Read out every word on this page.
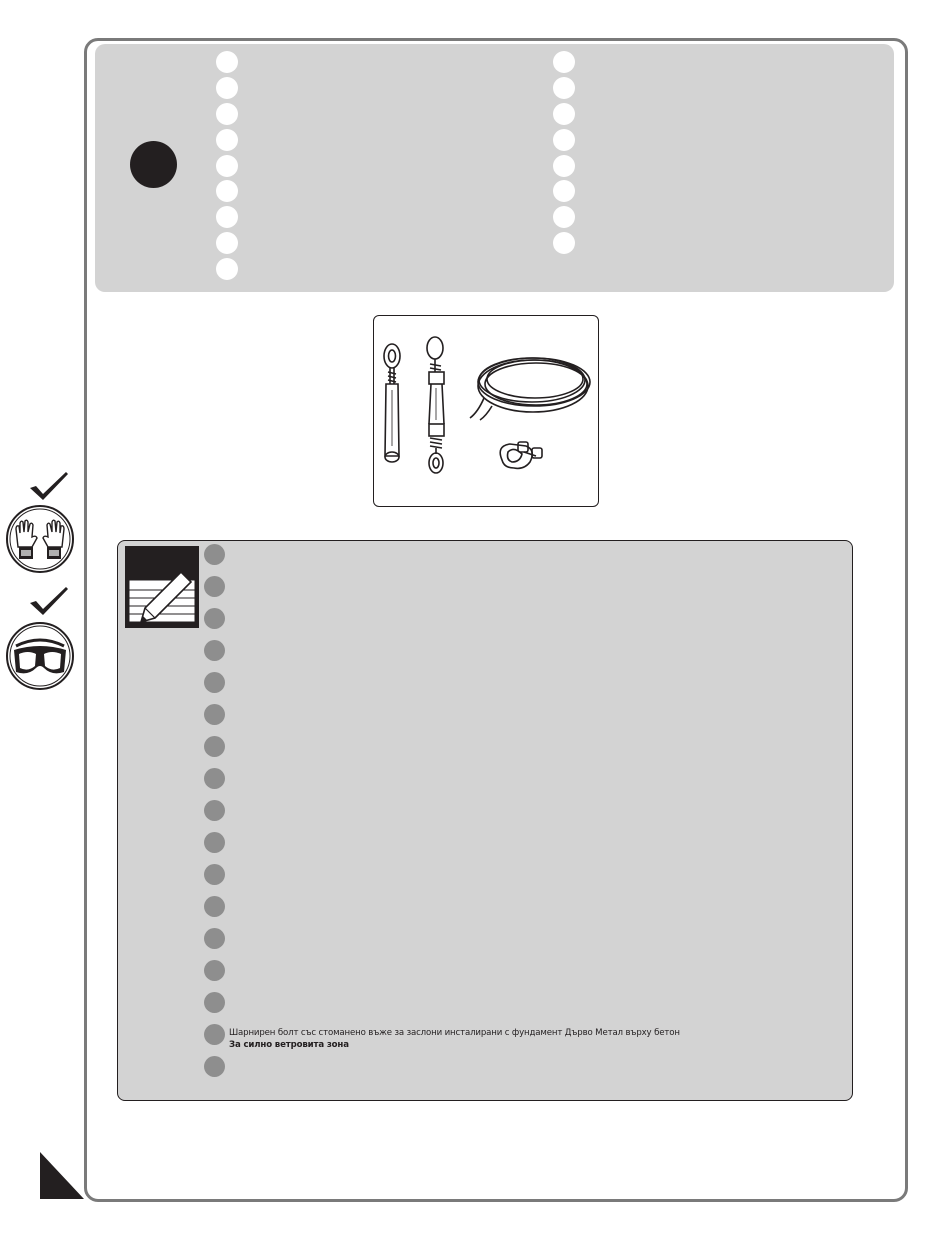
Шарнирен болт със стоманено въже за заслони инсталирани с фундамент Дърво Метал върху бетон
За силно ветровита зона
